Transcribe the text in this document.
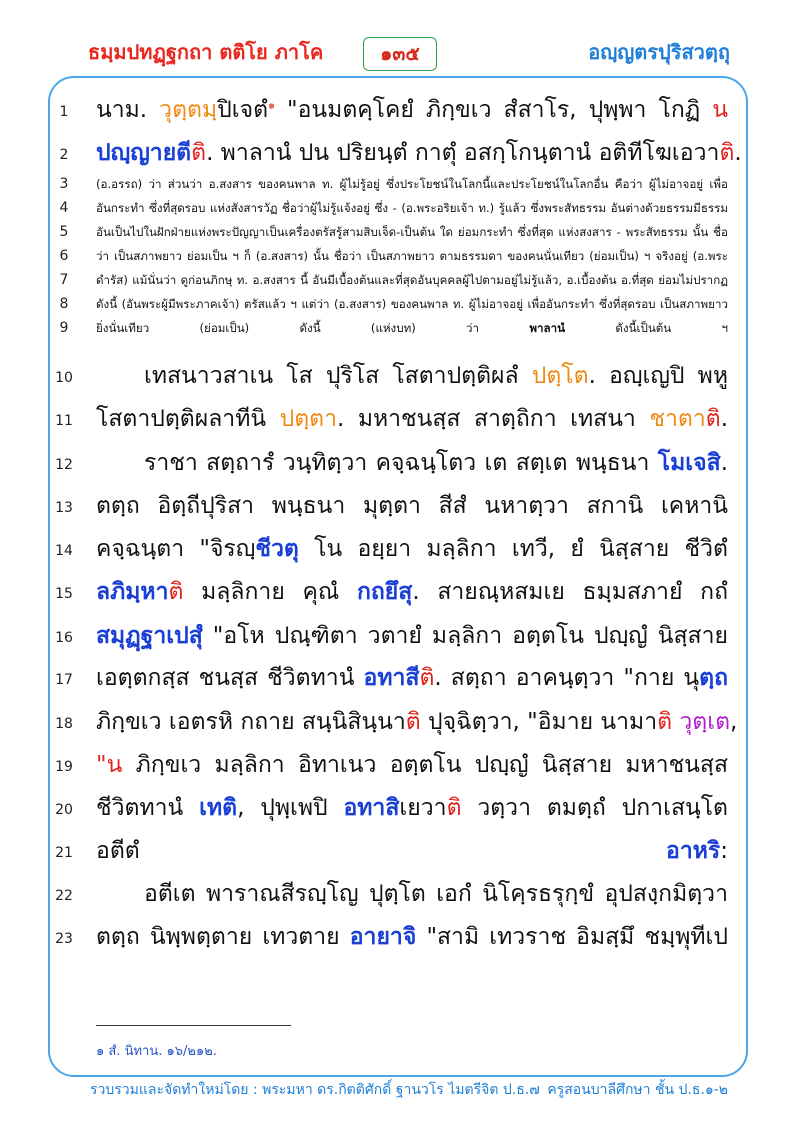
ธมฺมปทฏฺฐกถา ตติโย ภาโค	๑๓๕	อญฺญตรปุริสวตฺถุ
1	นาม. วุตฺตมฺปิเจตํ$^๑$ "อนมตคฺโคยํ ภิกฺขเว สํสาโร, ปุพฺพา โกฏิ น
2	ปญฺญายตีติ. พาลานํ ปน ปริยนฺตํ กาตุํ อสกฺโกนฺตานํ อติทีโฆเอวาติ.
3	(อ.อรรถ) ว่า ส่วนว่า อ.สงสาร ของคนพาล ท. ผู้ไม่รู้อยู่ ซึ่งประโยชน์ในโลกนี้และประโยชน์ในโลกอื่น คือว่า ผู้ไม่อาจอยู่ เพื่อ
4	อันกระทำ ซึ่งที่สุดรอบ แห่งสังสารวัฏ ชื่อว่าผู้ไม่รู้แจ้งอยู่ ซึ่ง - (อ.พระอริยเจ้า ท.) รู้แล้ว ซึ่งพระสัทธรรม อันต่างด้วยธรรมมีธรรม
5	อันเป็นไปในฝักฝ่ายแห่งพระปัญญาเป็นเครื่องตรัสรู้สามสิบเจ็ด-เป็นต้น ใด ย่อมกระทำ ซึ่งที่สุด แห่งสงสาร - พระสัทธรรม นั้น ชื่อ
6	ว่า เป็นสภาพยาว ย่อมเป็น ฯ ก็ (อ.สงสาร) นั้น ชื่อว่า เป็นสภาพยาว ตามธรรมดา ของคนนั่นเทียว (ย่อมเป็น) ฯ จริงอยู่ (อ.พระ
7	ดำรัส) แม้นั่นว่า ดูก่อนภิกษุ ท. อ.สงสาร นี้ อันมีเบื้องต้นและที่สุดอันบุคคลผู้ไปตามอยู่ไม่รู้แล้ว, อ.เบื้องต้น อ.ที่สุด ย่อมไม่ปรากฏ
8	ดังนี้ (อันพระผู้มีพระภาคเจ้า) ตรัสแล้ว ฯ แต่ว่า (อ.สงสาร) ของคนพาล ท. ผู้ไม่อาจอยู่ เพื่ออันกระทำ ซึ่งที่สุดรอบ เป็นสภาพยาว
9	ยิ่งนั่นเทียว (ย่อมเป็น) ดังนี้ (แห่งบท) ว่า พาลานํ ดังนี้เป็นต้น ฯ
10	เทสนาวสาเน โส ปุริโส โสตาปตฺติผลํ ปตฺโต. อญฺเญปิ พหู
11 โสตาปตฺติผลาทีนิ ปตฺตา. มหาชนสฺส สาตฺถิกา เทสนา ชาตาติ.
12	ราชา สตฺถารํ วนฺทิตฺวา คจฺฉนฺโตว เต สตฺเต พนฺธนา โมเจสิ.
13 ตตฺถ อิตฺถีปุริสา พนฺธนา มุตฺตา สีสํ นหาตฺวา สกานิ เคหานิ
14 คจฺฉนฺตา "จิรญฺชีวตุ โน อยฺยา มลฺลิกา เทวี, ยํ นิสฺสาย ชีวิตํ
15 ลภิมฺหาติ มลฺลิกาย คุณํ กถยึสุ. สายณฺหสมเย ธมฺมสภายํ กถํ
16 สมุฏฺฐาเปสุํ "อโห ปณฺฑิตา วตายํ มลฺลิกา อตฺตโน ปญฺญํ นิสฺสาย
17 เอตฺตกสฺส ชนสฺส ชีวิตทานํ อทาสีติ. สตฺถา อาคนฺตฺวา "กาย นุตฺถ
18 ภิกฺขเว เอตรหิ กถาย สนฺนิสินฺนาติ ปุจฺฉิตฺวา, "อิมาย นามาติ วุตฺเต,
19 "น ภิกฺขเว มลฺลิกา อิทาเนว อตฺตโน ปญฺญํ นิสฺสาย มหาชนสฺส
20 ชีวิตทานํ เทติ, ปุพฺเพปิ อทาสิเยวาติ วตฺวา ตมตฺถํ ปกาเสนฺโต
21 อตีตํ อาหริ:
22	อตีเต พาราณสีรญฺโญ ปุตฺโต เอกํ นิโคฺรธรุกฺขํ อุปสงฺกมิตฺวา
23 ตตฺถ นิพฺพตฺตาย เทวตาย อายาจิ "สามิ เทวราช อิมสฺมึ ชมฺพุทีเป
๑ สํ. นิทาน. ๑๖/๒๑๒.
รวบรวมและจัดทำใหม่โดย : พระมหา ดร.กิตติศักดิ์ ฐานวโร ไมตรีจิต ป.ธ.๗ ครูสอนบาลีศึกษา ชั้น ป.ธ.๑-๒
